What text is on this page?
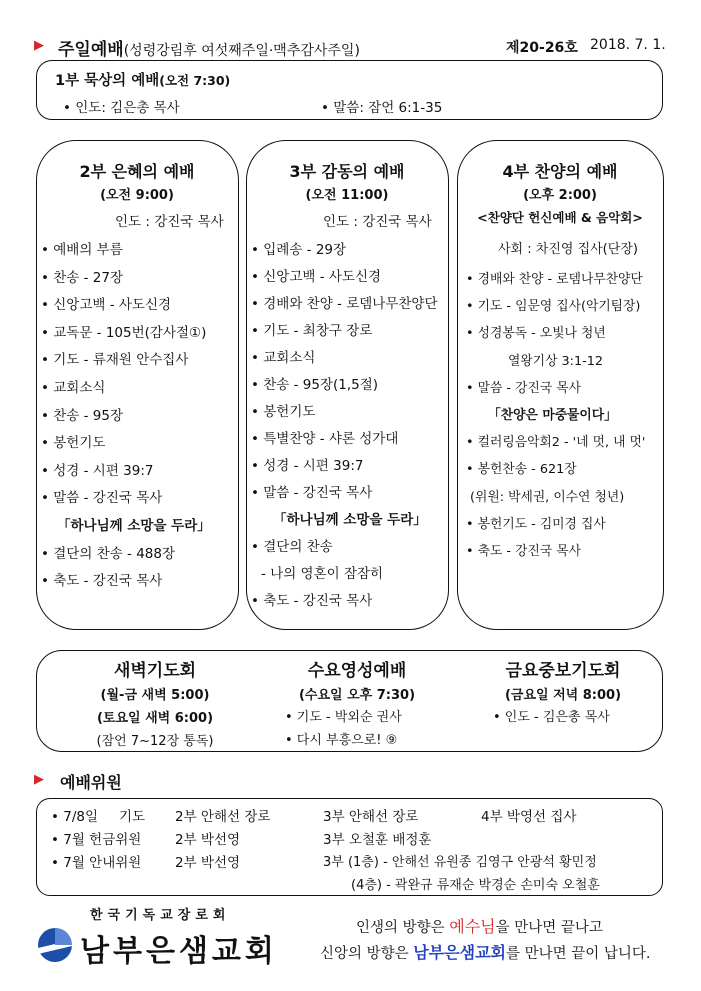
▶ 주일예배(성령강림후 여섯째주일·맥추감사주일)	제20-26호 2018. 7. 1.
1부 묵상의 예배(오전 7:30)
• 인도: 김은총 목사	• 말씀: 잠언 6:1-35
2부 은혜의 예배
(오전 9:00)
인도 : 강진국 목사
• 예배의 부름
• 찬송 - 27장
• 신앙고백 - 사도신경
• 교독문 - 105번(감사절①)
• 기도 - 류재원 안수집사
• 교회소식
• 찬송 - 95장
• 봉헌기도
• 성경 - 시편 39:7
• 말씀 - 강진국 목사
「하나님께 소망을 두라」
• 결단의 찬송 - 488장
• 축도 - 강진국 목사
3부 감동의 예배
(오전 11:00)
인도 : 강진국 목사
• 입례송 - 29장
• 신앙고백 - 사도신경
• 경배와 찬양 - 로뎀나무찬양단
• 기도 - 최창구 장로
• 교회소식
• 찬송 - 95장(1,5절)
• 봉헌기도
• 특별찬양 - 샤론 성가대
• 성경 - 시편 39:7
• 말씀 - 강진국 목사
「하나님께 소망을 두라」
• 결단의 찬송
- 나의 영혼이 잠잠히
• 축도 - 강진국 목사
4부 찬양의 예배
(오후 2:00)
<찬양단 헌신예배 & 음악회>
사회 : 차진영 집사(단장)
• 경배와 찬양 - 로뎀나무찬양단
• 기도 - 임문영 집사(악기팀장)
• 성경봉독 - 오빛나 청년
열왕기상 3:1-12
• 말씀 - 강진국 목사
「찬양은 마중물이다」
• 컬러링음악회2 - '네 멋, 내 멋'
• 봉헌찬송 - 621장
(위원: 박세권, 이수연 청년)
• 봉헌기도 - 김미경 집사
• 축도 - 강진국 목사
새벽기도회
(월-금 새벽 5:00)
(토요일 새벽 6:00)
(잠언 7~12장 통독)
수요영성예배
(수요일 오후 7:30)
• 기도 - 박외순 권사
• 다시 부흥으로! ⑨
금요중보기도회
(금요일 저녁 8:00)
• 인도 - 김은총 목사
▶ 예배위원
• 7/8일 기도 2부 안해선 장로	3부 안해선 장로	4부 박영선 집사
• 7월 헌금위원 2부 박선영	3부 오철훈 배정훈
• 7월 안내위원 2부 박선영	3부 (1층) - 안해선 유원종 김영구 안광석 황민정
(4층) - 곽완규 류재순 박경순 손미숙 오철훈
한국기독교장로회
남부은샘교회
인생의 방향은 예수님을 만나면 끝나고
신앙의 방향은 남부은샘교회를 만나면 끝이 납니다.
